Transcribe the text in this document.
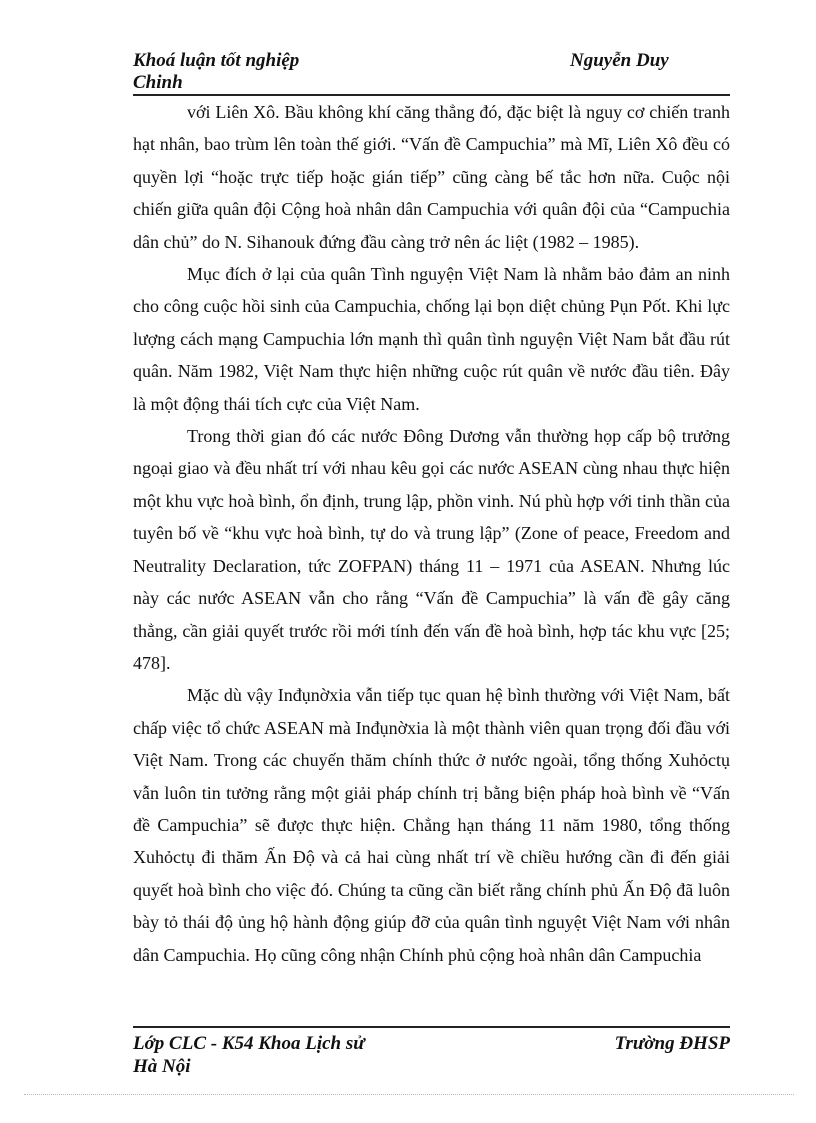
Khoá luận tốt nghiệp
Chinh
Nguyễn Duy

với Liên Xô. Bầu không khí căng thẳng đó, đặc biệt là nguy cơ chiến tranh hạt nhân, bao trùm lên toàn thế giới. “Vấn đề Campuchia” mà Mĩ, Liên Xô đều có quyền lợi “hoặc trực tiếp hoặc gián tiếp” cũng càng bế tắc hơn nữa. Cuộc nội chiến giữa quân đội Cộng hoà nhân dân Campuchia với quân đội của “Campuchia dân chủ” do N. Sihanouk đứng đầu càng trở nên ác liệt (1982 – 1985).

Mục đích ở lại của quân Tình nguyện Việt Nam là nhằm bảo đảm an ninh cho công cuộc hồi sinh của Campuchia, chống lại bọn diệt chủng Pụn Pốt. Khi lực lượng cách mạng Campuchia lớn mạnh thì quân tình nguyện Việt Nam bắt đầu rút quân. Năm 1982, Việt Nam thực hiện những cuộc rút quân về nước đầu tiên. Đây là một động thái tích cực của Việt Nam.

Trong thời gian đó các nước Đông Dương vẫn thường họp cấp bộ trưởng ngoại giao và đều nhất trí với nhau kêu gọi các nước ASEAN cùng nhau thực hiện một khu vực hoà bình, ổn định, trung lập, phồn vinh. Nú phù hợp với tinh thần của tuyên bố về “khu vực hoà bình, tự do và trung lập” (Zone of peace, Freedom and Neutrality Declaration, tức ZOFPAN) tháng 11 – 1971 của ASEAN. Nhưng lúc này các nước ASEAN vẫn cho rằng “Vấn đề Campuchia” là vấn đề gây căng thẳng, cần giải quyết trước rồi mới tính đến vấn đề hoà bình, hợp tác khu vực [25; 478].

Mặc dù vậy Inđụnờxia vẫn tiếp tục quan hệ bình thường với Việt Nam, bất chấp việc tổ chức ASEAN mà Inđụnờxia là một thành viên quan trọng đối đầu với Việt Nam. Trong các chuyến thăm chính thức ở nước ngoài, tổng thống Xuhỏctụ vẫn luôn tin tưởng rằng một giải pháp chính trị bằng biện pháp hoà bình về “Vấn đề Campuchia” sẽ được thực hiện. Chẳng hạn tháng 11 năm 1980, tổng thống Xuhỏctụ đi thăm Ấn Độ và cả hai cùng nhất trí về chiều hướng cần đi đến giải quyết hoà bình cho việc đó. Chúng ta cũng cần biết rằng chính phủ Ấn Độ đã luôn bày tỏ thái độ ủng hộ hành động giúp đỡ của quân tình nguyệt Việt Nam với nhân dân Campuchia. Họ cũng công nhận Chính phủ cộng hoà nhân dân Campuchia

Lớp CLC - K54 Khoa Lịch sử
Hà Nội
Trường ĐHSP
